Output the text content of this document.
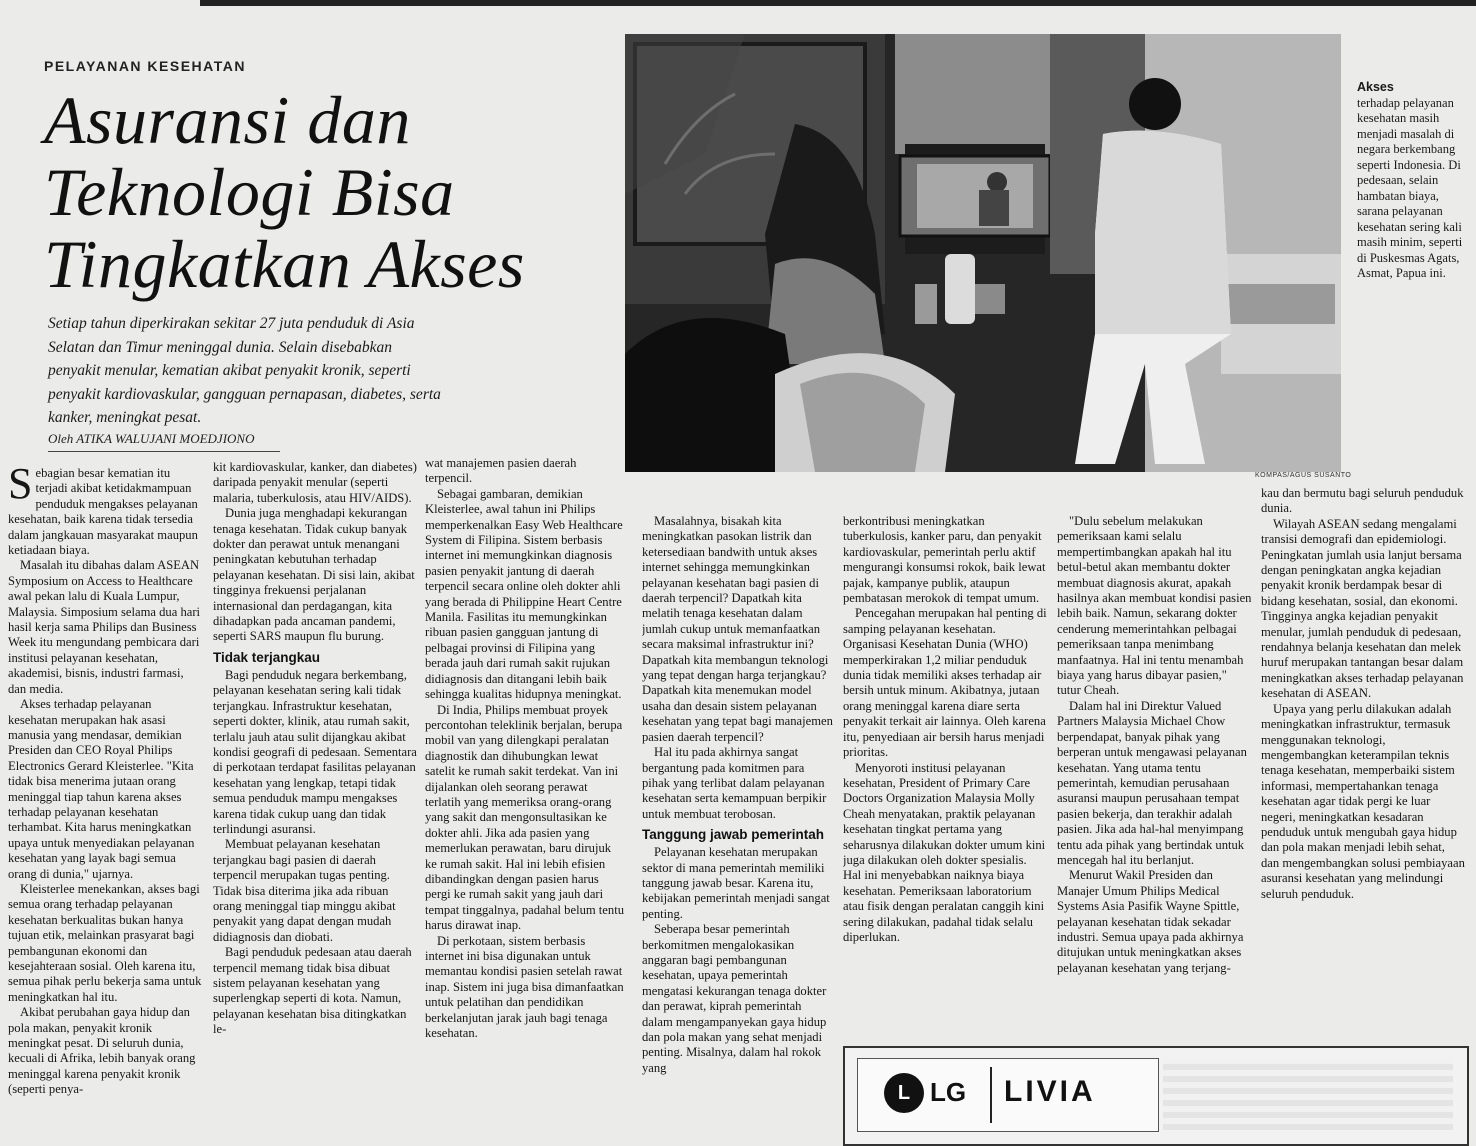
PELAYANAN KESEHATAN
Asuransi dan
Teknologi Bisa
Tingkatkan Akses
Setiap tahun diperkirakan sekitar 27 juta penduduk di Asia Selatan dan Timur meninggal dunia. Selain disebabkan penyakit menular, kematian akibat penyakit kronik, seperti penyakit kardiovaskular, gangguan pernapasan, diabetes, serta kanker, meningkat pesat.
Oleh ATIKA WALUJANI MOEDJIONO
KOMPAS/AGUS SUSANTO
Akses
terhadap pelayanan kesehatan masih menjadi masalah di negara berkembang seperti Indonesia. Di pedesaan, selain hambatan biaya, sarana pelayanan kesehatan sering kali masih minim, seperti di Puskesmas Agats, Asmat, Papua ini.

Sebagian besar kematian itu terjadi akibat ketidakmampuan penduduk mengakses pelayanan kesehatan, baik karena tidak tersedia dalam jangkauan masyarakat maupun ketiadaan biaya.

Masalah itu dibahas dalam ASEAN Symposium on Access to Healthcare awal pekan lalu di Kuala Lumpur, Malaysia. Simposium selama dua hari hasil kerja sama Philips dan Business Week itu mengundang pembicara dari institusi pelayanan kesehatan, akademisi, bisnis, industri farmasi, dan media.

Akses terhadap pelayanan kesehatan merupakan hak asasi manusia yang mendasar, demikian Presiden dan CEO Royal Philips Electronics Gerard Kleisterlee. "Kita tidak bisa menerima jutaan orang meninggal tiap tahun karena akses terhadap pelayanan kesehatan terhambat. Kita harus meningkatkan upaya untuk menyediakan pelayanan kesehatan yang layak bagi semua orang di dunia," ujarnya.

Kleisterlee menekankan, akses bagi semua orang terhadap pelayanan kesehatan berkualitas bukan hanya tujuan etik, melainkan prasyarat bagi pembangunan ekonomi dan kesejahteraan sosial. Oleh karena itu, semua pihak perlu bekerja sama untuk meningkatkan hal itu.

Akibat perubahan gaya hidup dan pola makan, penyakit kronik meningkat pesat. Di seluruh dunia, kecuali di Afrika, lebih banyak orang meninggal karena penyakit kronik (seperti penya-

kit kardiovaskular, kanker, dan diabetes) daripada penyakit menular (seperti malaria, tuberkulosis, atau HIV/AIDS).

Dunia juga menghadapi kekurangan tenaga kesehatan. Tidak cukup banyak dokter dan perawat untuk menangani peningkatan kebutuhan terhadap pelayanan kesehatan. Di sisi lain, akibat tingginya frekuensi perjalanan internasional dan perdagangan, kita dihadapkan pada ancaman pandemi, seperti SARS maupun flu burung.

Tidak terjangkau

Bagi penduduk negara berkembang, pelayanan kesehatan sering kali tidak terjangkau. Infrastruktur kesehatan, seperti dokter, klinik, atau rumah sakit, terlalu jauh atau sulit dijangkau akibat kondisi geografi di pedesaan. Sementara di perkotaan terdapat fasilitas pelayanan kesehatan yang lengkap, tetapi tidak semua penduduk mampu mengakses karena tidak cukup uang dan tidak terlindungi asuransi.

Membuat pelayanan kesehatan terjangkau bagi pasien di daerah terpencil merupakan tugas penting. Tidak bisa diterima jika ada ribuan orang meninggal tiap minggu akibat penyakit yang dapat dengan mudah didiagnosis dan diobati.

Bagi penduduk pedesaan atau daerah terpencil memang tidak bisa dibuat sistem pelayanan kesehatan yang superlengkap seperti di kota. Namun, pelayanan kesehatan bisa ditingkatkan le-

wat manajemen pasien daerah terpencil.

Sebagai gambaran, demikian Kleisterlee, awal tahun ini Philips memperkenalkan Easy Web Healthcare System di Filipina. Sistem berbasis internet ini memungkinkan diagnosis pasien penyakit jantung di daerah terpencil secara online oleh dokter ahli yang berada di Philippine Heart Centre Manila. Fasilitas itu memungkinkan ribuan pasien gangguan jantung di pelbagai provinsi di Filipina yang berada jauh dari rumah sakit rujukan didiagnosis dan ditangani lebih baik sehingga kualitas hidupnya meningkat.

Di India, Philips membuat proyek percontohan teleklinik berjalan, berupa mobil van yang dilengkapi peralatan diagnostik dan dihubungkan lewat satelit ke rumah sakit terdekat. Van ini dijalankan oleh seorang perawat terlatih yang memeriksa orang-orang yang sakit dan mengonsultasikan ke dokter ahli. Jika ada pasien yang memerlukan perawatan, baru dirujuk ke rumah sakit. Hal ini lebih efisien dibandingkan dengan pasien harus pergi ke rumah sakit yang jauh dari tempat tinggalnya, padahal belum tentu harus dirawat inap.

Di perkotaan, sistem berbasis internet ini bisa digunakan untuk memantau kondisi pasien setelah rawat inap. Sistem ini juga bisa dimanfaatkan untuk pelatihan dan pendidikan berkelanjutan jarak jauh bagi tenaga kesehatan.

Masalahnya, bisakah kita meningkatkan pasokan listrik dan ketersediaan bandwith untuk akses internet sehingga memungkinkan pelayanan kesehatan bagi pasien di daerah terpencil? Dapatkah kita melatih tenaga kesehatan dalam jumlah cukup untuk memanfaatkan secara maksimal infrastruktur ini? Dapatkah kita membangun teknologi yang tepat dengan harga terjangkau? Dapatkah kita menemukan model usaha dan desain sistem pelayanan kesehatan yang tepat bagi manajemen pasien daerah terpencil?

Hal itu pada akhirnya sangat bergantung pada komitmen para pihak yang terlibat dalam pelayanan kesehatan serta kemampuan berpikir untuk membuat terobosan.

Tanggung jawab pemerintah

Pelayanan kesehatan merupakan sektor di mana pemerintah memiliki tanggung jawab besar. Karena itu, kebijakan pemerintah menjadi sangat penting.

Seberapa besar pemerintah berkomitmen mengalokasikan anggaran bagi pembangunan kesehatan, upaya pemerintah mengatasi kekurangan tenaga dokter dan perawat, kiprah pemerintah dalam mengampanyekan gaya hidup dan pola makan yang sehat menjadi penting. Misalnya, dalam hal rokok yang

berkontribusi meningkatkan tuberkulosis, kanker paru, dan penyakit kardiovaskular, pemerintah perlu aktif mengurangi konsumsi rokok, baik lewat pajak, kampanye publik, ataupun pembatasan merokok di tempat umum.

Pencegahan merupakan hal penting di samping pelayanan kesehatan. Organisasi Kesehatan Dunia (WHO) memperkirakan 1,2 miliar penduduk dunia tidak memiliki akses terhadap air bersih untuk minum. Akibatnya, jutaan orang meninggal karena diare serta penyakit terkait air lainnya. Oleh karena itu, penyediaan air bersih harus menjadi prioritas.

Menyoroti institusi pelayanan kesehatan, President of Primary Care Doctors Organization Malaysia Molly Cheah menyatakan, praktik pelayanan kesehatan tingkat pertama yang seharusnya dilakukan dokter umum kini juga dilakukan oleh dokter spesialis. Hal ini menyebabkan naiknya biaya kesehatan. Pemeriksaan laboratorium atau fisik dengan peralatan canggih kini sering dilakukan, padahal tidak selalu diperlukan.

"Dulu sebelum melakukan pemeriksaan kami selalu mempertimbangkan apakah hal itu betul-betul akan membantu dokter membuat diagnosis akurat, apakah hasilnya akan membuat kondisi pasien lebih baik. Namun, sekarang dokter cenderung memerintahkan pelbagai pemeriksaan tanpa menimbang manfaatnya. Hal ini tentu menambah biaya yang harus dibayar pasien," tutur Cheah.

Dalam hal ini Direktur Valued Partners Malaysia Michael Chow berpendapat, banyak pihak yang berperan untuk mengawasi pelayanan kesehatan. Yang utama tentu pemerintah, kemudian perusahaan asuransi maupun perusahaan tempat pasien bekerja, dan terakhir adalah pasien. Jika ada hal-hal menyimpang tentu ada pihak yang bertindak untuk mencegah hal itu berlanjut.

Menurut Wakil Presiden dan Manajer Umum Philips Medical Systems Asia Pasifik Wayne Spittle, pelayanan kesehatan tidak sekadar industri. Semua upaya pada akhirnya ditujukan untuk meningkatkan akses pelayanan kesehatan yang terjang-

kau dan bermutu bagi seluruh penduduk dunia.

Wilayah ASEAN sedang mengalami transisi demografi dan epidemiologi. Peningkatan jumlah usia lanjut bersama dengan peningkatan angka kejadian penyakit kronik berdampak besar di bidang kesehatan, sosial, dan ekonomi. Tingginya angka kejadian penyakit menular, jumlah penduduk di pedesaan, rendahnya belanja kesehatan dan melek huruf merupakan tantangan besar dalam meningkatkan akses terhadap pelayanan kesehatan di ASEAN.

Upaya yang perlu dilakukan adalah meningkatkan infrastruktur, termasuk menggunakan teknologi, mengembangkan keterampilan teknis tenaga kesehatan, memperbaiki sistem informasi, mempertahankan tenaga kesehatan agar tidak pergi ke luar negeri, meningkatkan kesadaran penduduk untuk mengubah gaya hidup dan pola makan menjadi lebih sehat, dan mengembangkan solusi pembiayaan asuransi kesehatan yang melindungi seluruh penduduk.

L LG LIVIA
